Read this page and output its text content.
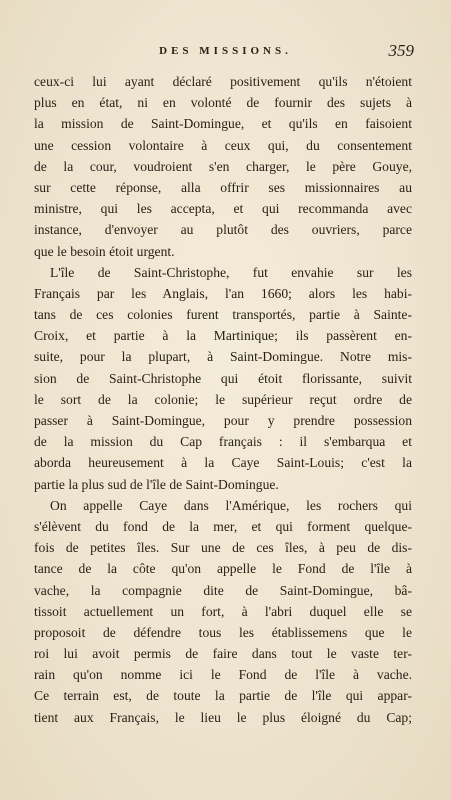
DES MISSIONS.	359
ceux-ci lui ayant déclaré positivement qu'ils n'étoient
plus en état, ni en volonté de fournir des sujets à
la mission de Saint-Domingue, et qu'ils en faisoient
une cession volontaire à ceux qui, du consentement
de la cour, voudroient s'en charger, le père Gouye,
sur cette réponse, alla offrir ses missionnaires au
ministre, qui les accepta, et qui recommanda avec
instance, d'envoyer au plutôt des ouvriers, parce
que le besoin étoit urgent.
L'île de Saint-Christophe, fut envahie sur les
Français par les Anglais, l'an 1660; alors les habi-
tans de ces colonies furent transportés, partie à Sainte-
Croix, et partie à la Martinique; ils passèrent en-
suite, pour la plupart, à Saint-Domingue. Notre mis-
sion de Saint-Christophe qui étoit florissante, suivit
le sort de la colonie; le supérieur reçut ordre de
passer à Saint-Domingue, pour y prendre possession
de la mission du Cap français : il s'embarqua et
aborda heureusement à la Caye Saint-Louis; c'est la
partie la plus sud de l'île de Saint-Domingue.
On appelle Caye dans l'Amérique, les rochers qui
s'élèvent du fond de la mer, et qui forment quelque-
fois de petites îles. Sur une de ces îles, à peu de dis-
tance de la côte qu'on appelle le Fond de l'île à
vache, la compagnie dite de Saint-Domingue, bâ-
tissoit actuellement un fort, à l'abri duquel elle se
proposoit de défendre tous les établissemens que le
roi lui avoit permis de faire dans tout le vaste ter-
rain qu'on nomme ici le Fond de l'île à vache.
Ce terrain est, de toute la partie de l'île qui appar-
tient aux Français, le lieu le plus éloigné du Cap;
